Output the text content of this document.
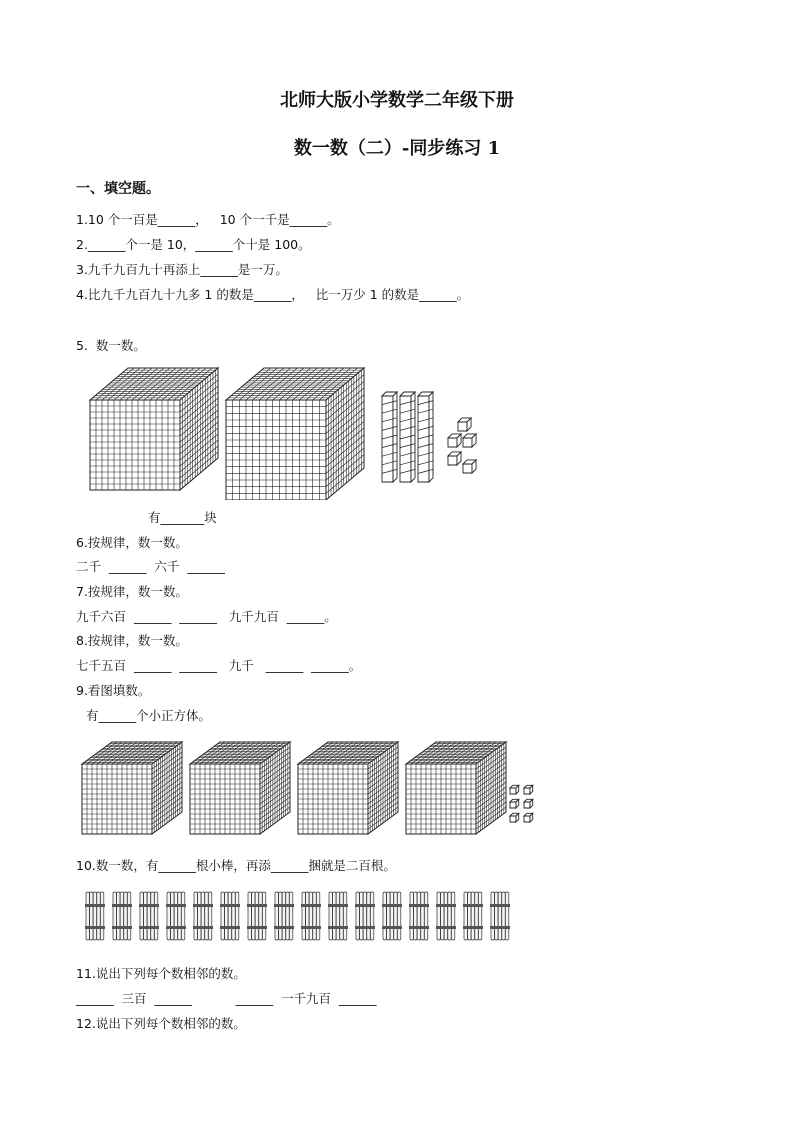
北师大版小学数学二年级下册
数一数（二）-同步练习 1
一、填空题。
1.10 个一百是______，   10 个一千是______。
2.______个一是 10，______个十是 100。
3.九千九百九十再添上______是一万。
4.比九千九百九十九多 1 的数是______，   比一万少 1 的数是______。
5.  数一数。
有_______块
6.按规律，数一数。
二千  ______  六千  ______
7.按规律，数一数。
九千六百  ______  ______   九千九百  ______。
8.按规律，数一数。
七千五百  ______  ______   九千   ______  ______。
9.看图填数。
有______个小正方体。
10.数一数，有______根小棒，再添______捆就是二百根。
11.说出下列每个数相邻的数。
______  三百  ______           ______  一千九百  ______
12.说出下列每个数相邻的数。
